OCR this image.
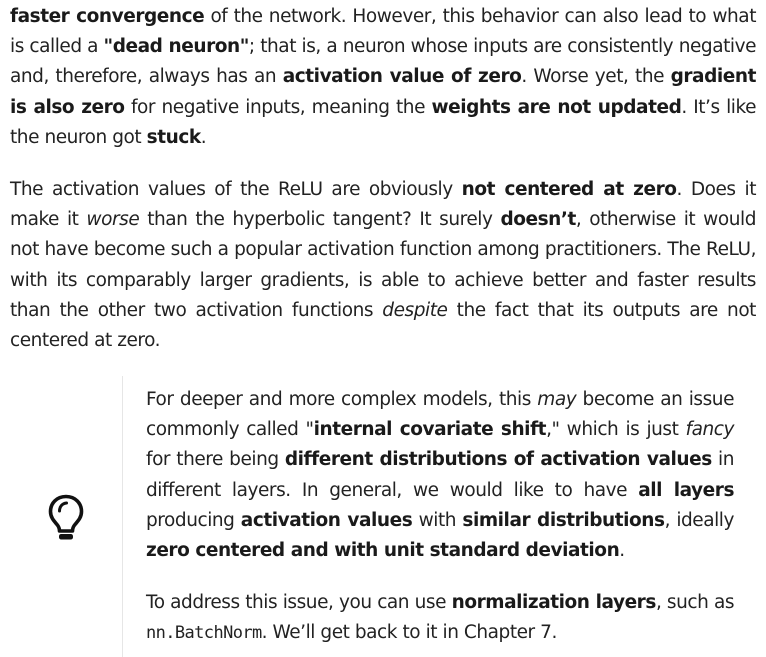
faster convergence of the network. However, this behavior can also lead to what is called a "dead neuron"; that is, a neuron whose inputs are consistently negative and, therefore, always has an activation value of zero. Worse yet, the gradient is also zero for negative inputs, meaning the weights are not updated. It’s like the neuron got stuck.

The activation values of the ReLU are obviously not centered at zero. Does it make it worse than the hyperbolic tangent? It surely doesn’t, otherwise it would not have become such a popular activation function among practitioners. The ReLU, with its comparably larger gradients, is able to achieve better and faster results than the other two activation functions despite the fact that its outputs are not centered at zero.

For deeper and more complex models, this may become an issue commonly called "internal covariate shift," which is just fancy for there being different distributions of activation values in different layers. In general, we would like to have all layers producing activation values with similar distributions, ideally zero centered and with unit standard deviation.

To address this issue, you can use normalization layers, such as nn.BatchNorm. We’ll get back to it in Chapter 7.
